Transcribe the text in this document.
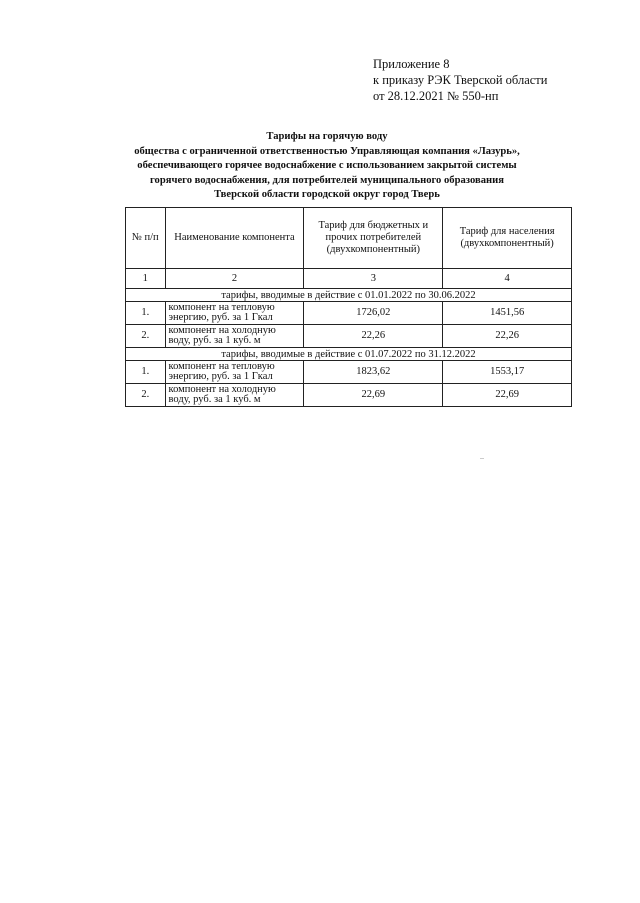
Приложение 8
к приказу РЭК Тверской области
от 28.12.2021 № 550-нп
Тарифы на горячую воду
общества с ограниченной ответственностью Управляющая компания «Лазурь»,
обеспечивающего горячее водоснабжение с использованием закрытой системы
горячего водоснабжения, для потребителей муниципального образования
Тверской области городской округ город Тверь
№ п/п	Наименование компонента	Тариф для бюджетных и прочих потребителей (двухкомпонентный)	Тариф для населения (двухкомпонентный)
1	2	3	4
тарифы, вводимые в действие с 01.01.2022 по 30.06.2022			
1.	компонент на тепловую энергию, руб. за 1 Гкал	1726,02	1451,56
2.	компонент на холодную воду, руб. за 1 куб. м	22,26	22,26
тарифы, вводимые в действие с 01.07.2022 по 31.12.2022			
1.	компонент на тепловую энергию, руб. за 1 Гкал	1823,62	1553,17
2.	компонент на холодную воду, руб. за 1 куб. м	22,69	22,69
